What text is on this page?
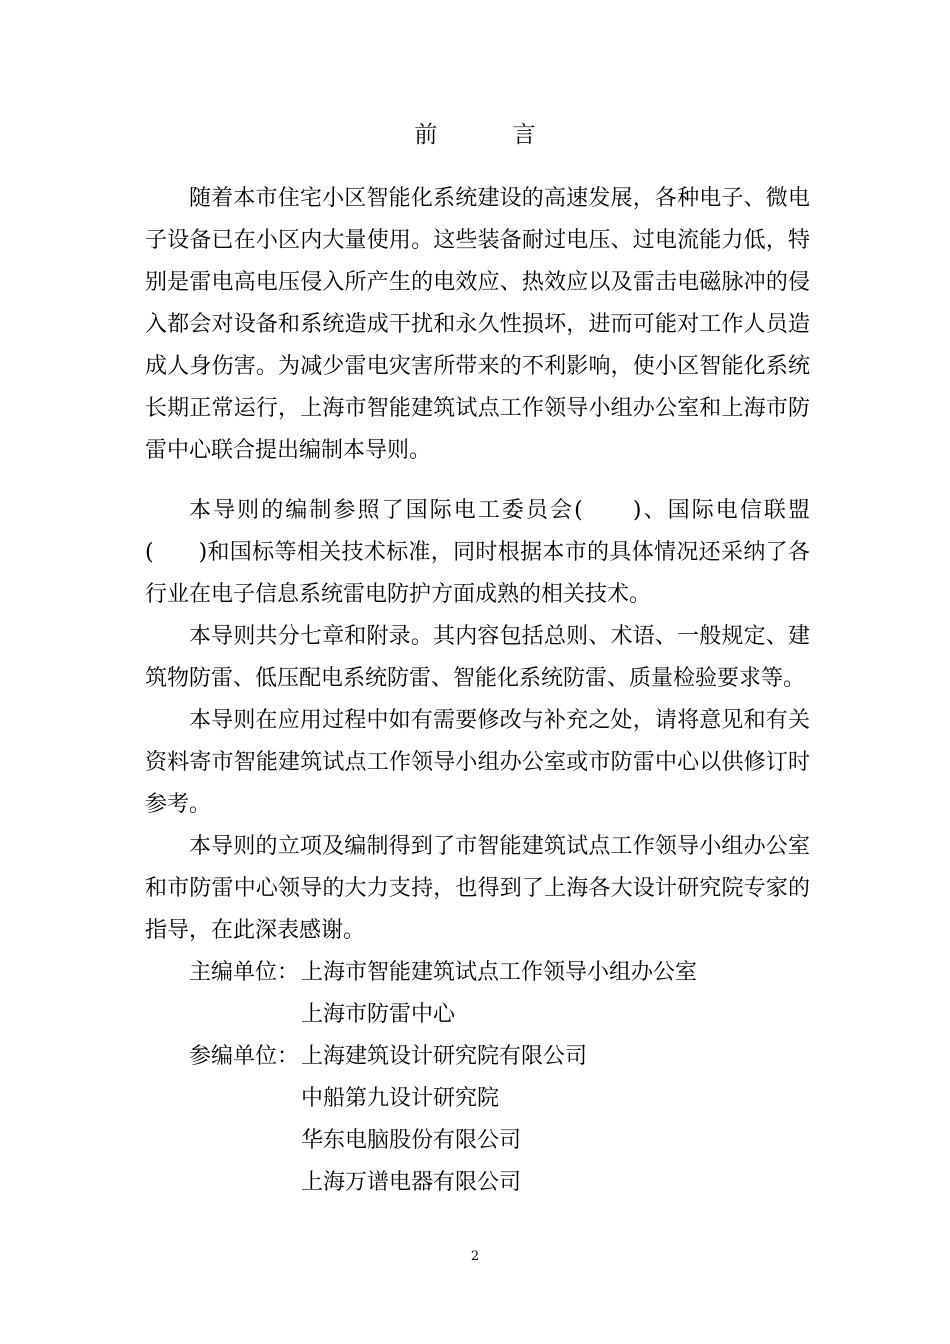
前 言

随着本市住宅小区智能化系统建设的高速发展，各种电子、微电子设备已在小区内大量使用。这些装备耐过电压、过电流能力低，特别是雷电高电压侵入所产生的电效应、热效应以及雷击电磁脉冲的侵入都会对设备和系统造成干扰和永久性损坏，进而可能对工作人员造成人身伤害。为减少雷电灾害所带来的不利影响，使小区智能化系统长期正常运行，上海市智能建筑试点工作领导小组办公室和上海市防雷中心联合提出编制本导则。

本导则的编制参照了国际电工委员会(　　)、国际电信联盟(　　)和国标等相关技术标准，同时根据本市的具体情况还采纳了各行业在电子信息系统雷电防护方面成熟的相关技术。

本导则共分七章和附录。其内容包括总则、术语、一般规定、建筑物防雷、低压配电系统防雷、智能化系统防雷、质量检验要求等。

本导则在应用过程中如有需要修改与补充之处，请将意见和有关资料寄市智能建筑试点工作领导小组办公室或市防雷中心以供修订时参考。

本导则的立项及编制得到了市智能建筑试点工作领导小组办公室和市防雷中心领导的大力支持，也得到了上海各大设计研究院专家的指导，在此深表感谢。

主编单位： 上海市智能建筑试点工作领导小组办公室
上海市防雷中心
参编单位： 上海建筑设计研究院有限公司
中船第九设计研究院
华东电脑股份有限公司
上海万谱电器有限公司
2
